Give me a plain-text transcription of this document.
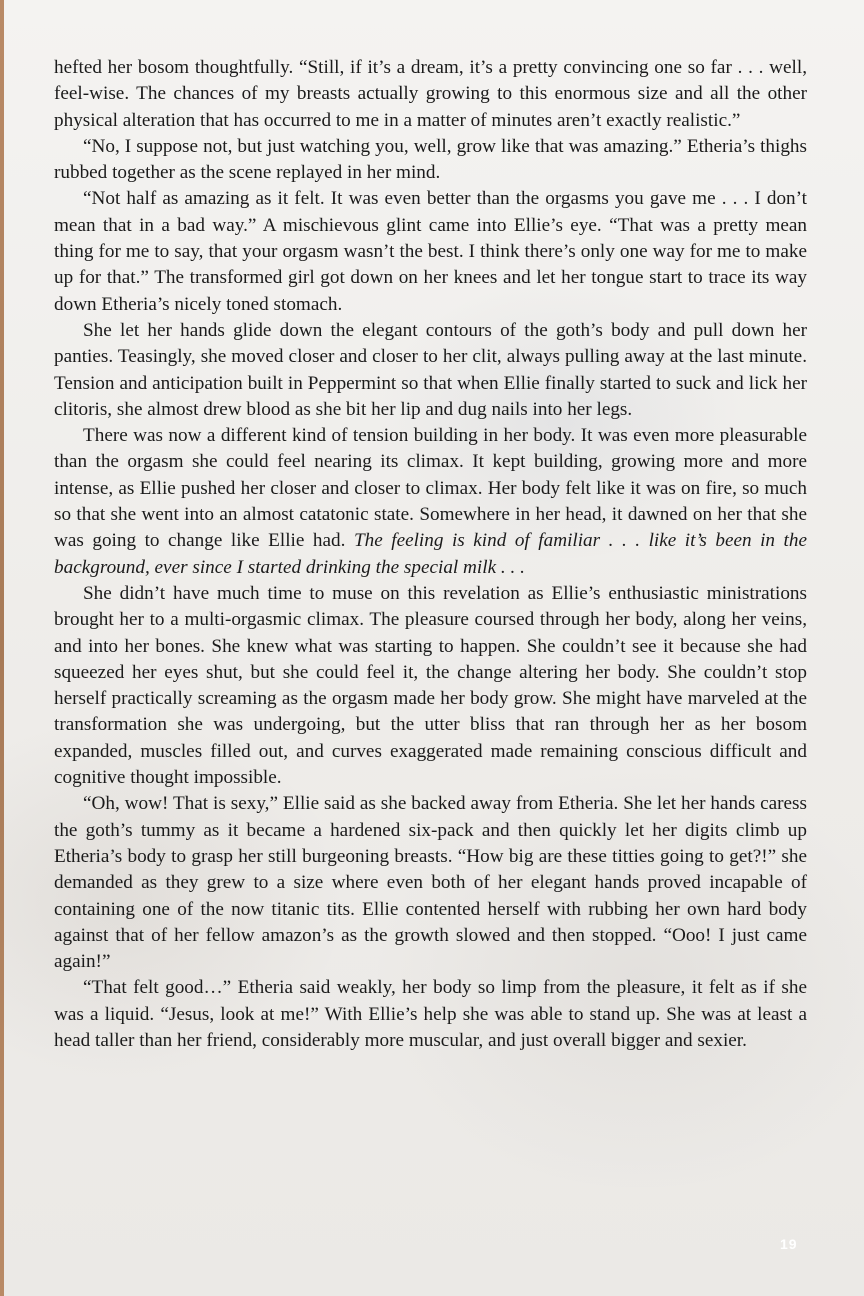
hefted her bosom thoughtfully. “Still, if it’s a dream, it’s a pretty convincing one so far . . . well, feel-wise. The chances of my breasts actually growing to this enormous size and all the other physical alteration that has occurred to me in a matter of minutes aren’t exactly realistic.”

“No, I suppose not, but just watching you, well, grow like that was amazing.” Etheria’s thighs rubbed together as the scene replayed in her mind.

“Not half as amazing as it felt. It was even better than the orgasms you gave me . . . I don’t mean that in a bad way.” A mischievous glint came into Ellie’s eye. “That was a pretty mean thing for me to say, that your orgasm wasn’t the best. I think there’s only one way for me to make up for that.” The transformed girl got down on her knees and let her tongue start to trace its way down Etheria’s nicely toned stomach.

She let her hands glide down the elegant contours of the goth’s body and pull down her panties. Teasingly, she moved closer and closer to her clit, always pulling away at the last minute. Tension and anticipation built in Peppermint so that when Ellie finally started to suck and lick her clitoris, she almost drew blood as she bit her lip and dug nails into her legs.

There was now a different kind of tension building in her body. It was even more pleasurable than the orgasm she could feel nearing its climax. It kept building, growing more and more intense, as Ellie pushed her closer and closer to climax. Her body felt like it was on fire, so much so that she went into an almost catatonic state. Somewhere in her head, it dawned on her that she was going to change like Ellie had. The feeling is kind of familiar . . . like it’s been in the background, ever since I started drinking the special milk . . .

She didn’t have much time to muse on this revelation as Ellie’s enthusiastic ministrations brought her to a multi-orgasmic climax. The pleasure coursed through her body, along her veins, and into her bones. She knew what was starting to happen. She couldn’t see it because she had squeezed her eyes shut, but she could feel it, the change altering her body. She couldn’t stop herself practically screaming as the orgasm made her body grow. She might have marveled at the transformation she was undergoing, but the utter bliss that ran through her as her bosom expanded, muscles filled out, and curves exaggerated made remaining conscious difficult and cognitive thought impossible.

“Oh, wow! That is sexy,” Ellie said as she backed away from Etheria. She let her hands caress the goth’s tummy as it became a hardened six-pack and then quickly let her digits climb up Etheria’s body to grasp her still burgeoning breasts. “How big are these titties going to get?!” she demanded as they grew to a size where even both of her elegant hands proved incapable of containing one of the now titanic tits. Ellie contented herself with rubbing her own hard body against that of her fellow amazon’s as the growth slowed and then stopped. “Ooo! I just came again!”

“That felt good…” Etheria said weakly, her body so limp from the pleasure, it felt as if she was a liquid. “Jesus, look at me!” With Ellie’s help she was able to stand up. She was at least a head taller than her friend, considerably more muscular, and just overall bigger and sexier.

19
